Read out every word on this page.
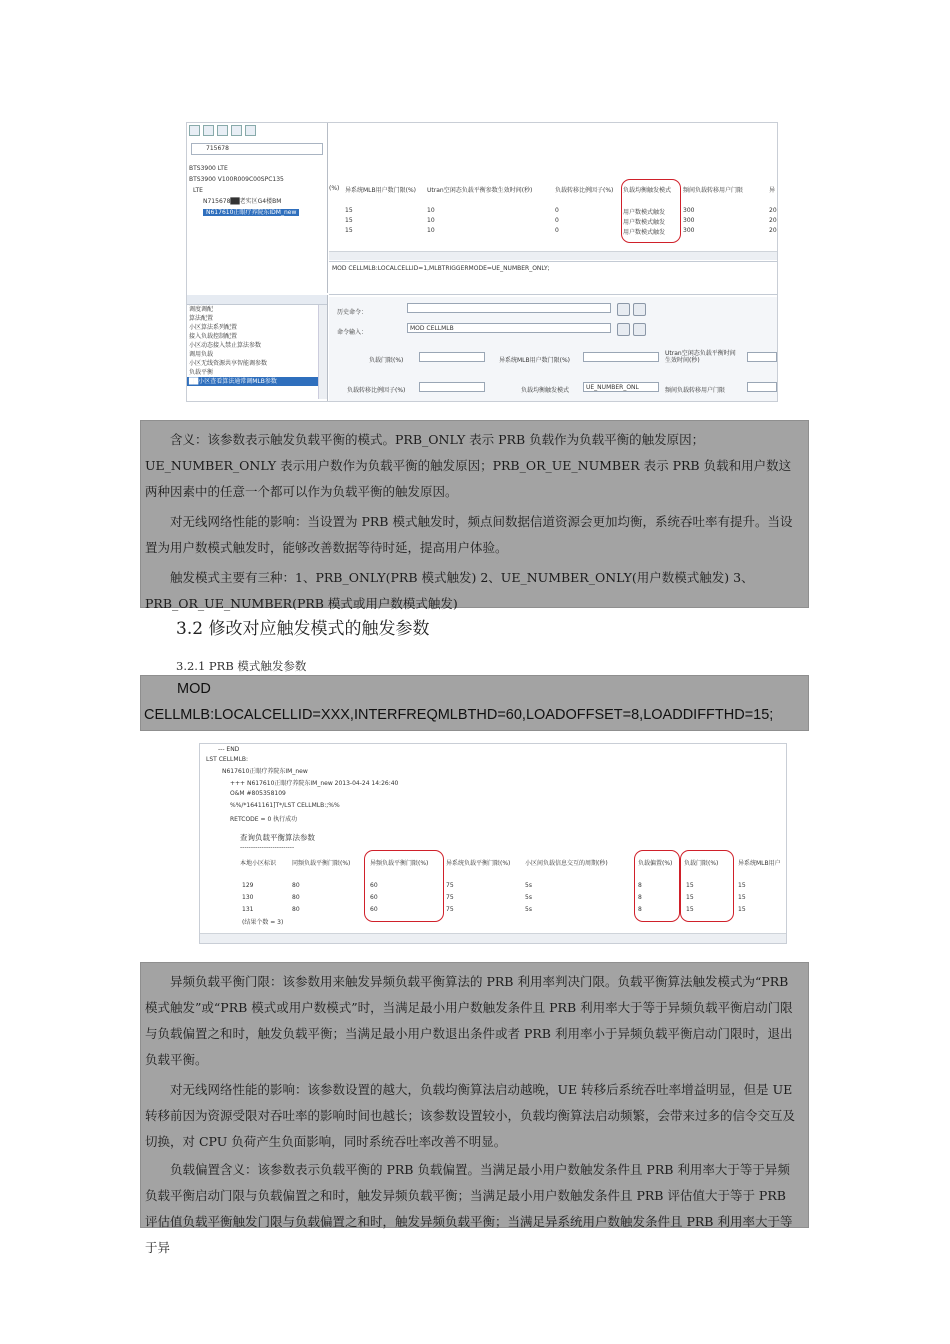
715678
BTS3900 LTE
BTS3900 V100R009C00SPC135
LTE
N715678██老实区G4楼BM
N617610正眼疗养院东IDM_new
调度调配
算法配置
小区算法系列配置
接入负载控制配置
小区动态接入禁止算法参数
调用负载
小区无线资源共享智能调参数
负载平衡
██小区查看算法通常调MLB参数
(%) 异系统MLB用户数门限(%)	Utran空闲态负载平衡参数生效时间(秒)	负载转移比例因子(%)	负载均衡触发模式	频间负载转移用户门限	异
15	10	0	用户数模式触发	300	20
15	10	0	用户数模式触发	300	20
15	10	0	用户数模式触发	300	20
MOD CELLMLB:LOCALCELLID=1,MLBTRIGGERMODE=UE_NUMBER_ONLY;
历史命令：
命令输入：
MOD CELLMLB
负载门限(%)	异系统MLB用户数门限(%)
Utran空闲态负载平衡时间生效时间(秒)
负载转移比例因子(%)	负载均衡触发模式	UE_NUMBER_ONL	频间负载转移用户门限

含义：该参数表示触发负载平衡的模式。PRB_ONLY 表示 PRB 负载作为负载平衡的触发原因；UE_NUMBER_ONLY 表示用户数作为负载平衡的触发原因；PRB_OR_UE_NUMBER 表示 PRB 负载和用户数这两种因素中的任意一个都可以作为负载平衡的触发原因。

对无线网络性能的影响：当设置为 PRB 模式触发时，频点间数据信道资源会更加均衡，系统吞吐率有提升。当设置为用户数模式触发时，能够改善数据等待时延，提高用户体验。

触发模式主要有三种：1、PRB_ONLY(PRB 模式触发) 2、UE_NUMBER_ONLY(用户数模式触发) 3、PRB_OR_UE_NUMBER(PRB 模式或用户数模式触发)

3.2 修改对应触发模式的触发参数
3.2.1 PRB 模式触发参数
MOD
CELLMLB:LOCALCELLID=XXX,INTERFREQMLBTHD=60,LOADOFFSET=8,LOADDIFFTHD=15;
--- END
LST CELLMLB:
N617610正眼疗养院东IM_new
+++ N617610正眼疗养院东IM_new 2013-04-24 14:26:40
O&M #805358109
%%/*1641161]T*/LST CELLMLB:;%%
RETCODE = 0 执行成功
查询负载平衡算法参数
-------------------------
本地小区标识	同频负载平衡门限(%)	异频负载平衡门限(%)	异系统负载平衡门限(%) 小区间负载信息交互的周期(秒)	负载偏置(%) 负载门限(%)	异系统MLB用户
129	80	60	75	5s	8	15	15
130	80	60	75	5s	8	15	15
131	80	60	75	5s	8	15	15
(结果个数 = 3)

异频负载平衡门限：该参数用来触发异频负载平衡算法的 PRB 利用率判决门限。负载平衡算法触发模式为“PRB 模式触发”或“PRB 模式或用户数模式”时，当满足最小用户数触发条件且 PRB 利用率大于等于异频负载平衡启动门限与负载偏置之和时，触发负载平衡；当满足最小用户数退出条件或者 PRB 利用率小于异频负载平衡启动门限时，退出负载平衡。

对无线网络性能的影响：该参数设置的越大，负载均衡算法启动越晚，UE 转移后系统吞吐率增益明显，但是 UE 转移前因为资源受限对吞吐率的影响时间也越长；该参数设置较小，负载均衡算法启动频繁，会带来过多的信令交互及切换，对 CPU 负荷产生负面影响，同时系统吞吐率改善不明显。

负载偏置含义：该参数表示负载平衡的 PRB 负载偏置。当满足最小用户数触发条件且 PRB 利用率大于等于异频负载平衡启动门限与负载偏置之和时，触发异频负载平衡；当满足最小用户数触发条件且 PRB 评估值大于等于 PRB 评估值负载平衡触发门限与负载偏置之和时，触发异频负载平衡；当满足异系统用户数触发条件且 PRB 利用率大于等于异
